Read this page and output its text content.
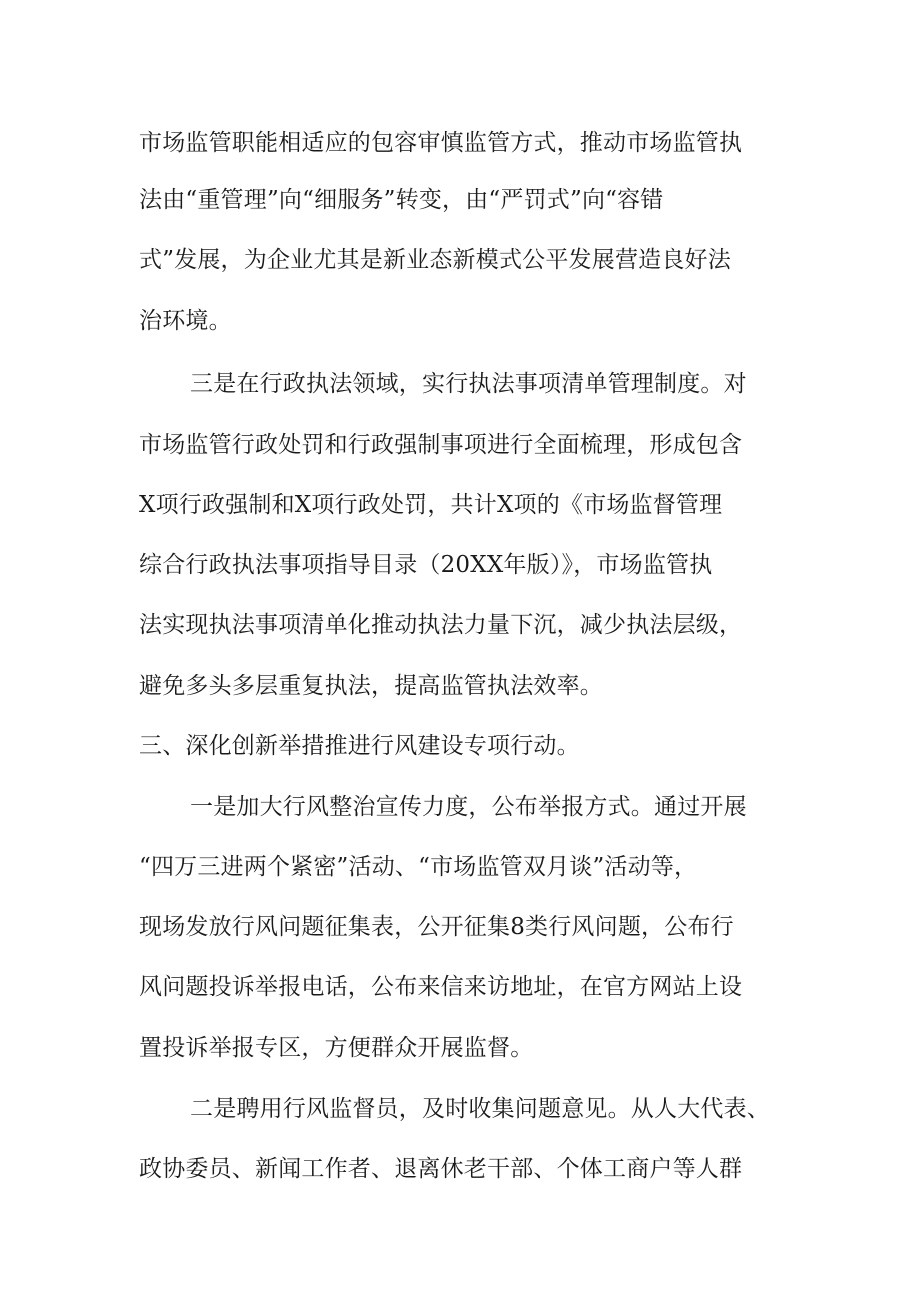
市场监管职能相适应的包容审慎监管方式，推动市场监管执
法由“重管理”向“细服务”转变，由“严罚式”向“容错
式”发展，为企业尤其是新业态新模式公平发展营造良好法
治环境。
三是在行政执法领域，实行执法事项清单管理制度。对
市场监管行政处罚和行政强制事项进行全面梳理，形成包含
X项行政强制和X项行政处罚，共计X项的《市场监督管理
综合行政执法事项指导目录（20XX年版）》，市场监管执
法实现执法事项清单化推动执法力量下沉，减少执法层级，
避免多头多层重复执法，提高监管执法效率。
三、深化创新举措推进行风建设专项行动。
一是加大行风整治宣传力度，公布举报方式。通过开展
“四万三进两个紧密”活动、“市场监管双月谈”活动等，
现场发放行风问题征集表，公开征集8类行风问题，公布行
风问题投诉举报电话，公布来信来访地址，在官方网站上设
置投诉举报专区，方便群众开展监督。
二是聘用行风监督员，及时收集问题意见。从人大代表、
政协委员、新闻工作者、退离休老干部、个体工商户等人群
